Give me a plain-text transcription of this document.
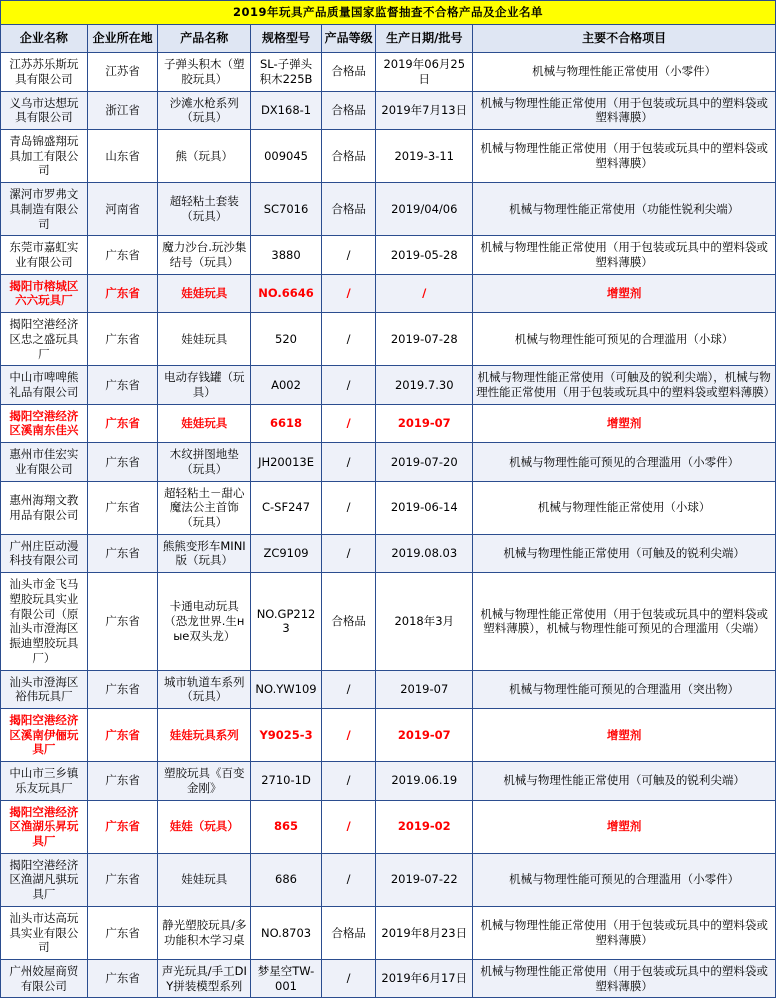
2019年玩具产品质量国家监督抽查不合格产品及企业名单						
企业名称	企业所在地	产品名称	规格型号	产品等级	生产日期/批号	主要不合格项目
江苏苏乐斯玩具有限公司	江苏省	子弹头积木（塑胶玩具）	SL-子弹头积木225B	合格品	2019年06月25日	机械与物理性能正常使用（小零件）
义乌市达想玩具有限公司	浙江省	沙滩水枪系列（玩具）	DX168-1	合格品	2019年7月13日	机械与物理性能正常使用（用于包装或玩具中的塑料袋或塑料薄膜）
青岛锦盛翔玩具加工有限公司	山东省	熊（玩具）	009045	合格品	2019-3-11	机械与物理性能正常使用（用于包装或玩具中的塑料袋或塑料薄膜）
漯河市罗弗文具制造有限公司	河南省	超轻粘土套装（玩具）	SC7016	合格品	2019/04/06	机械与物理性能正常使用（功能性锐利尖端）
东莞市嘉虹实业有限公司	广东省	魔力沙台.玩沙集结号（玩具）	3880	/	2019-05-28	机械与物理性能正常使用（用于包装或玩具中的塑料袋或塑料薄膜）
揭阳市榕城区六六玩具厂	广东省	娃娃玩具	NO.6646	/	/	增塑剂
揭阳空港经济区忠之盛玩具厂	广东省	娃娃玩具	520	/	2019-07-28	机械与物理性能可预见的合理滥用（小球）
中山市啤啤熊礼品有限公司	广东省	电动存钱罐（玩具）	A002	/	2019.7.30	机械与物理性能正常使用（可触及的锐利尖端），机械与物理性能正常使用（用于包装或玩具中的塑料袋或塑料薄膜）
揭阳空港经济区溪南东佳兴	广东省	娃娃玩具	6618	/	2019-07	增塑剂
惠州市佳宏实业有限公司	广东省	木纹拼图地垫（玩具）	JH20013E	/	2019-07-20	机械与物理性能可预见的合理滥用（小零件）
惠州海翔文教用品有限公司	广东省	超轻粘土－甜心魔法公主首饰（玩具）	C-SF247	/	2019-06-14	机械与物理性能正常使用（小球）
广州庄臣动漫科技有限公司	广东省	熊熊变形车MINI版（玩具）	ZC9109	/	2019.08.03	机械与物理性能正常使用（可触及的锐利尖端）
汕头市金飞马塑胶玩具实业有限公司（原汕头市澄海区振迪塑胶玩具厂）	广东省	卡通电动玩具（恐龙世界.生ныe双头龙）	NO.GP2123	合格品	2018年3月	机械与物理性能正常使用（用于包装或玩具中的塑料袋或塑料薄膜），机械与物理性能可预见的合理滥用（尖端）
汕头市澄海区裕伟玩具厂	广东省	城市轨道车系列（玩具）	NO.YW109	/	2019-07	机械与物理性能可预见的合理滥用（突出物）
揭阳空港经济区溪南伊俪玩具厂	广东省	娃娃玩具系列	Y9025-3	/	2019-07	增塑剂
中山市三乡镇乐友玩具厂	广东省	塑胶玩具《百变金刚》	2710-1D	/	2019.06.19	机械与物理性能正常使用（可触及的锐利尖端）
揭阳空港经济区渔湖乐昇玩具厂	广东省	娃娃（玩具）	865	/	2019-02	增塑剂
揭阳空港经济区渔湖凡骐玩具厂	广东省	娃娃玩具	686	/	2019-07-22	机械与物理性能可预见的合理滥用（小零件）
汕头市达高玩具实业有限公司	广东省	静光塑胶玩具/多功能积木学习桌	NO.8703	合格品	2019年8月23日	机械与物理性能正常使用（用于包装或玩具中的塑料袋或塑料薄膜）
广州姣屋商贸有限公司	广东省	声光玩具/手工DIY拼装模型系列	梦星空TW-001	/	2019年6月17日	机械与物理性能正常使用（用于包装或玩具中的塑料袋或塑料薄膜）
